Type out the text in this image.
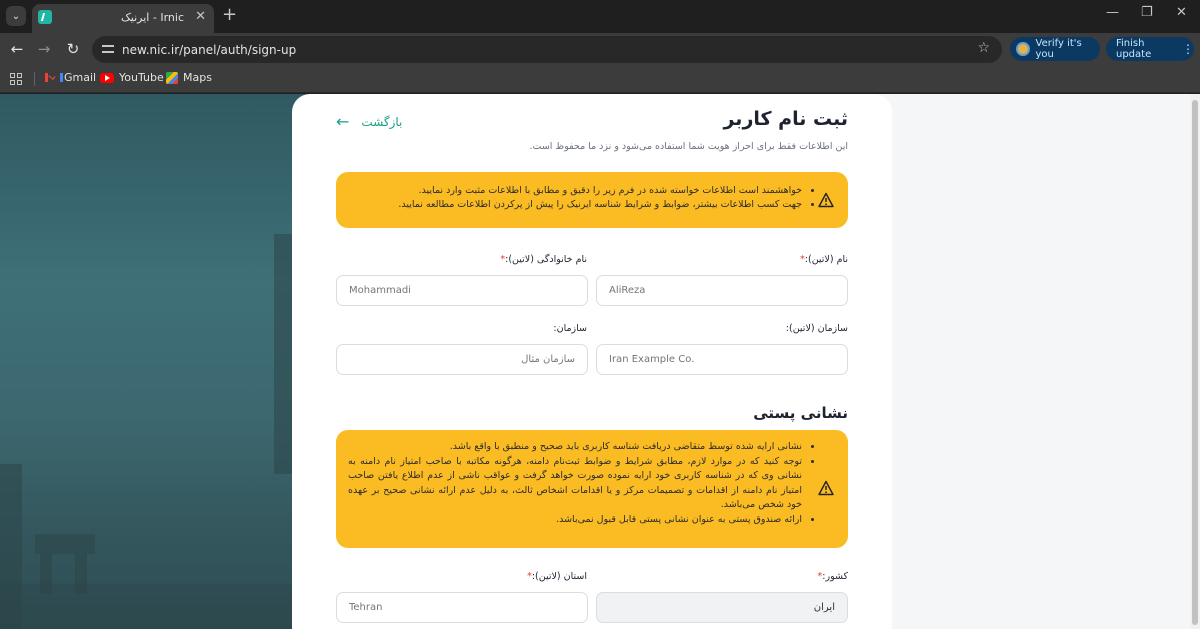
⌄	Irnic - ایرنیک ✕ +	— ❐ ✕
← → ↻	new.nic.ir/panel/auth/sign-up	☆	Verify it's you
Finish update	⋮
Gmail YouTube Maps
ثبت نام کاربر
← بازگشت
این اطلاعات فقط برای احراز هویت شما استفاده می‌شود و نزد ما محفوظ است.
• خواهشمند است اطلاعات خواسته شده در فرم زیر را دقیق و مطابق با اطلاعات مثبت وارد نمایید.
• جهت کسب اطلاعات بیشتر، ضوابط و شرایط شناسه ایرنیک را پیش از پرکردن اطلاعات مطالعه نمایید.
نام (لاتین):*
AliReza
نام خانوادگی (لاتین):*
Mohammadi
سازمان (لاتین):
Iran Example Co.
سازمان:
سازمان مثال
نشانی پستی
• نشانی ارایه شده توسط متقاضی دریافت شناسه کاربری باید صحیح و منطبق با واقع باشد.
• توجه کنید که در موارد لازم، مطابق شرایط و ضوابط ثبت‌نام دامنه، هرگونه مکاتبه با صاحب امتیاز نام دامنه به نشانی وی که در شناسه کاربری خود ارایه نموده صورت خواهد گرفت و عواقب ناشی از عدم اطلاع یافتن صاحب امتیاز نام دامنه از اقدامات و تصمیمات مرکز و یا اقدامات اشخاص ثالث، به دلیل عدم ارائه نشانی صحیح بر عهده خود شخص می‌باشد.
• ارائه صندوق پستی به عنوان نشانی پستی قابل قبول نمی‌باشد.
کشور:*
ایران
استان (لاتین):*
Tehran
